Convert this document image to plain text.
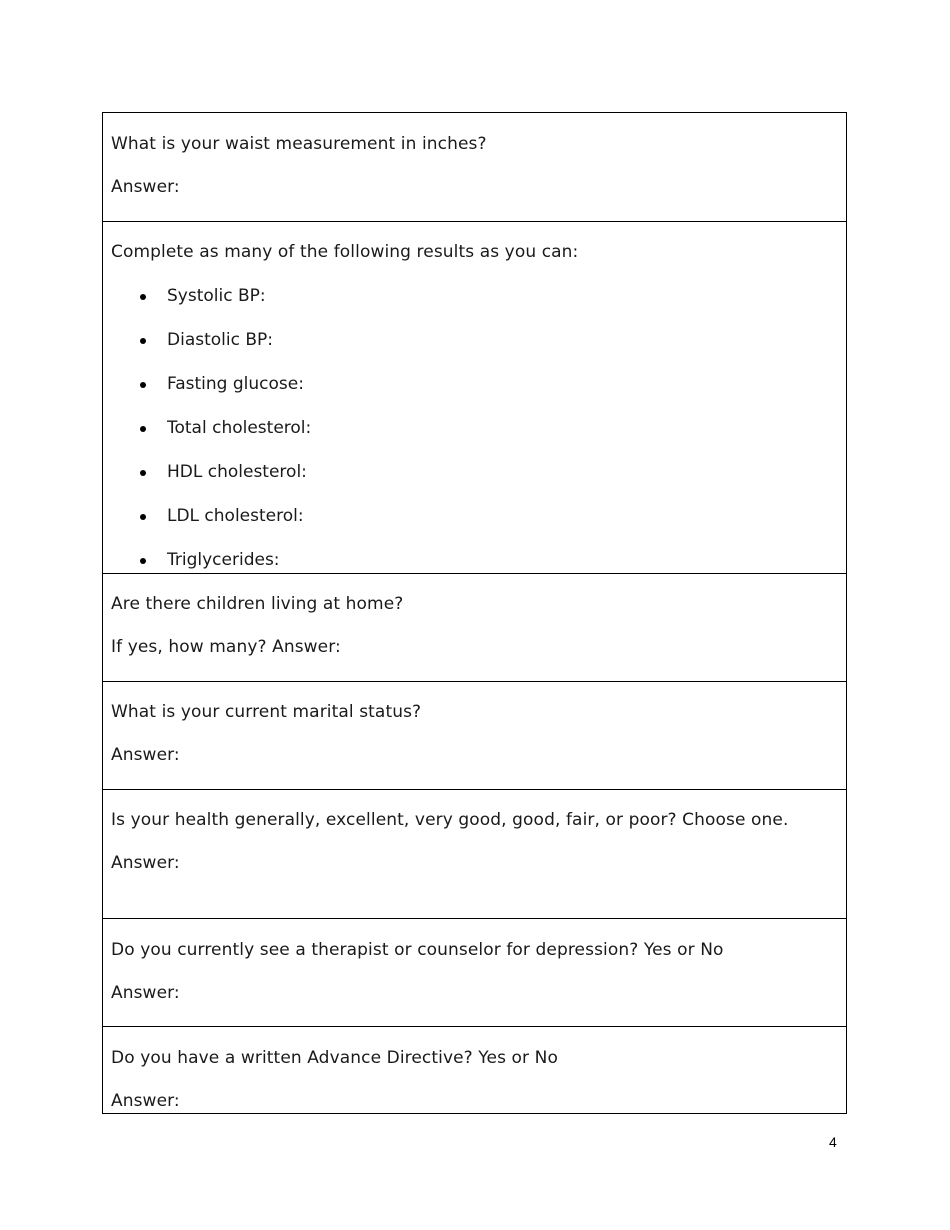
What is your waist measurement in inches?
Answer:
Complete as many of the following results as you can:
Systolic BP:
Diastolic BP:
Fasting glucose:
Total cholesterol:
HDL cholesterol:
LDL cholesterol:
Triglycerides:
Are there children living at home?
If yes, how many? Answer:
What is your current marital status?
Answer:
Is your health generally, excellent, very good, good, fair, or poor? Choose one.
Answer:
Do you currently see a therapist or counselor for depression? Yes or No
Answer:
Do you have a written Advance Directive? Yes or No
Answer:
4
